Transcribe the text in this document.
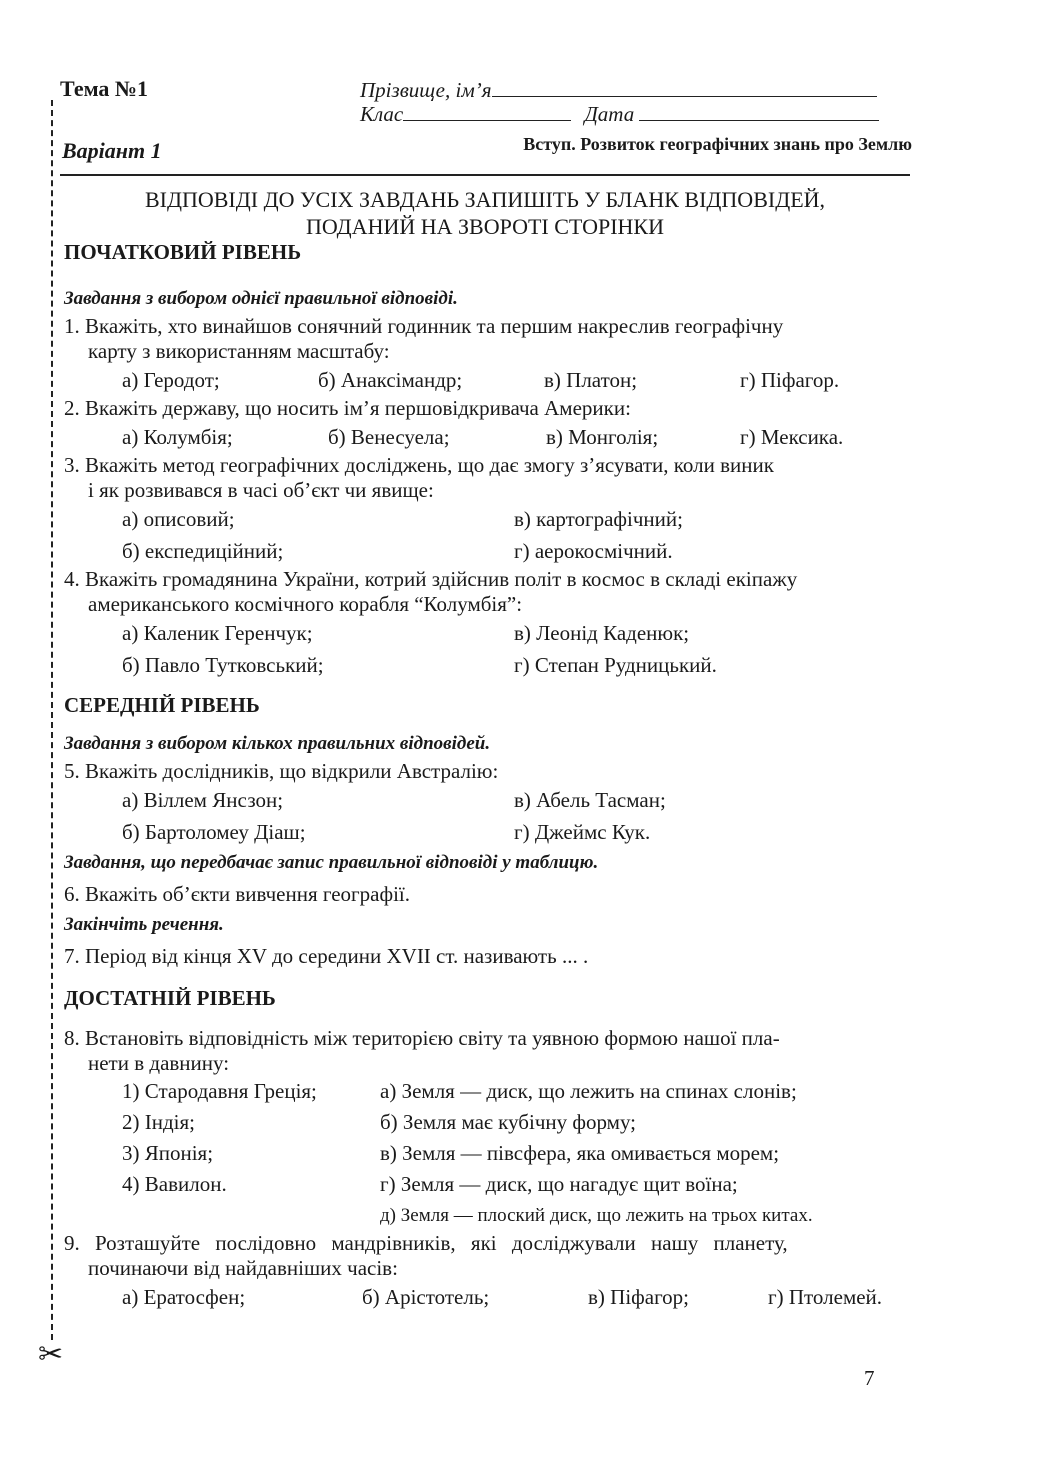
✂
Тема №1
Варіант 1
Прізвище, ім’я
Клас	Дата
Вступ. Розвиток географічних знань про Землю
ВІДПОВІДІ ДО УСІХ ЗАВДАНЬ ЗАПИШІТЬ У БЛАНК ВІДПОВІДЕЙ,
ПОДАНИЙ НА ЗВОРОТІ СТОРІНКИ

ПОЧАТКОВИЙ РІВЕНЬ

Завдання з вибором однієї правильної відповіді.

1. Вкажіть, хто винайшов сонячний годинник та першим накреслив географічну

карту з використанням масштабу:

а) Геродот;	б) Анаксімандр;	в) Платон;	г) Піфагор.

2. Вкажіть державу, що носить ім’я першовідкривача Америки:

а) Колумбія;	б) Венесуела;	в) Монголія;	г) Мексика.

3. Вкажіть метод географічних досліджень, що дає змогу з’ясувати, коли виник

і як розвивався в часі об’єкт чи явище:

а) описовий;	в) картографічний;
б) експедиційний;	г) аерокосмічний.

4. Вкажіть громадянина України, котрий здійснив політ в космос в складі екіпажу

американського космічного корабля “Колумбія”:

а) Каленик Геренчук;	в) Леонід Каденюк;
б) Павло Тутковський;	г) Степан Рудницький.

СЕРЕДНІЙ РІВЕНЬ

Завдання з вибором кількох правильних відповідей.

5. Вкажіть дослідників, що відкрили Австралію:

а) Віллем Янсзон;	в) Абель Тасман;
б) Бартоломеу Діаш;	г) Джеймс Кук.

Завдання, що передбачає запис правильної відповіді у таблицю.

6. Вкажіть об’єкти вивчення географії.

Закінчіть речення.

7. Період від кінця XV до середини XVII ст. називають ... .

ДОСТАТНІЙ РІВЕНЬ

8. Встановіть відповідність між територією світу та уявною формою нашої пла-

нети в давнину:

1) Стародавня Греція;	а) Земля — диск, що лежить на спинах слонів;
2) Індія;	б) Земля має кубічну форму;
3) Японія;	в) Земля — півсфера, яка омивається морем;
4) Вавилон.	г) Земля — диск, що нагадує щит воїна;
д) Земля — плоский диск, що лежить на трьох китах.

9. Розташуйте послідовно мандрівників, які досліджували нашу планету,

починаючи від найдавніших часів:

а) Ератосфен;	б) Арістотель;	в) Піфагор;	г) Птолемей.
7
